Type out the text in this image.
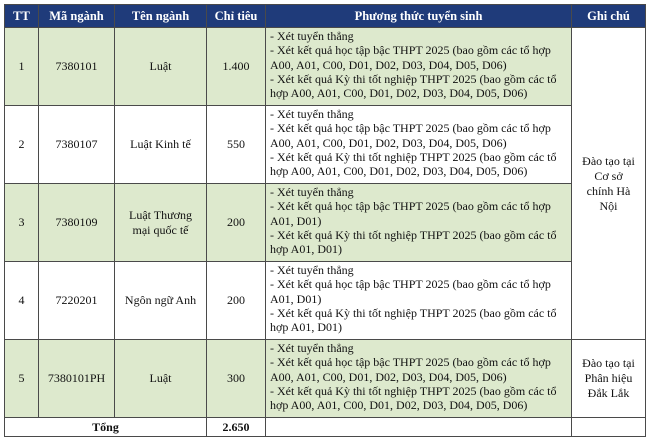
TT	Mã ngành	Tên ngành	Chỉ tiêu	Phương thức tuyển sinh	Ghi chú
1	7380101	Luật	1.400	- Xét tuyển thẳng
- Xét kết quả học tập bậc THPT 2025 (bao gồm các tổ hợp A00, A01, C00, D01, D02, D03, D04, D05, D06)
- Xét kết quả Kỳ thi tốt nghiệp THPT 2025 (bao gồm các tổ hợp A00, A01, C00, D01, D02, D03, D04, D05, D06)	Đào tạo tại Cơ sở chính Hà Nội

2	7380107	Luật Kinh tế	550	- Xét tuyển thẳng
- Xét kết quả học tập bậc THPT 2025 (bao gồm các tổ hợp A00, A01, C00, D01, D02, D03, D04, D05, D06)
- Xét kết quả Kỳ thi tốt nghiệp THPT 2025 (bao gồm các tổ hợp A00, A01, C00, D01, D02, D03, D04, D05, D06)	

3	7380109	Luật Thương mại quốc tế	200	- Xét tuyển thẳng
- Xét kết quả học tập bậc THPT 2025 (bao gồm các tổ hợp A01, D01)
- Xét kết quả Kỳ thi tốt nghiệp THPT 2025 (bao gồm các tổ hợp A01, D01)	

4	7220201	Ngôn ngữ Anh	200	- Xét tuyển thẳng
- Xét kết quả học tập bậc THPT 2025 (bao gồm các tổ hợp A01, D01)
- Xét kết quả Kỳ thi tốt nghiệp THPT 2025 (bao gồm các tổ hợp A01, D01)	

5	7380101PH	Luật	300	- Xét tuyển thẳng
- Xét kết quả học tập bậc THPT 2025 (bao gồm các tổ hợp A00, A01, C00, D01, D02, D03, D04, D05, D06)
- Xét kết quả Kỳ thi tốt nghiệp THPT 2025 (bao gồm các tổ hợp A00, A01, C00, D01, D02, D03, D04, D05, D06)	Đào tạo tại Phân hiệu Đắk Lắk

Tổng			2.650		
